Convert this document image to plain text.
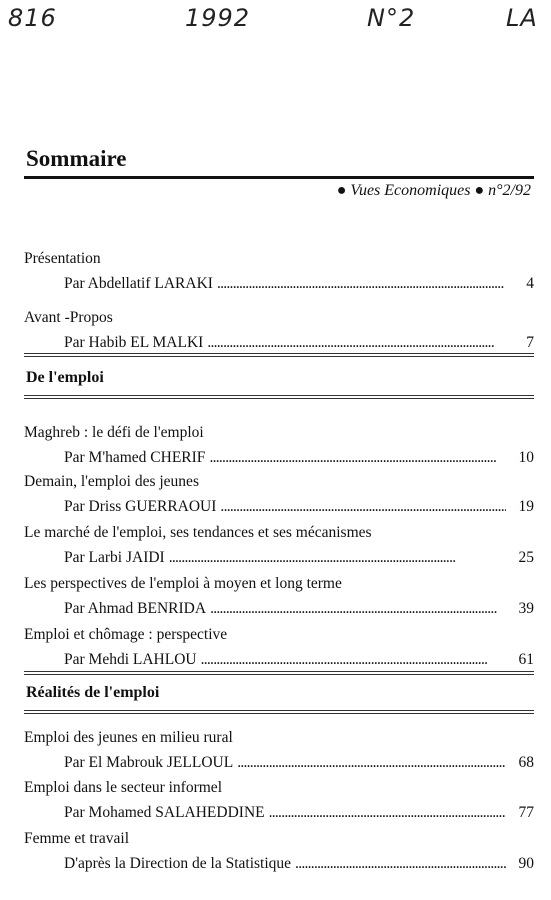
816	1992	N°2	LA
Sommaire
● Vues Economiques ● n°2/92
Présentation
Par Abdellatif LARAKI . . .	4
Avant -Propos
Par Habib EL MALKI . . .	7
De l'emploi
Maghreb : le défi de l'emploi
Par M'hamed CHERIF . . .	10
Demain, l'emploi des jeunes
Par Driss GUERRAOUI . . .	19
Le marché de l'emploi, ses tendances et ses mécanismes
Par Larbi JAIDI . . .	25
Les perspectives de l'emploi à moyen et long terme
Par Ahmad BENRIDA . . .	39
Emploi et chômage : perspective
Par Mehdi LAHLOU . . .	61
Réalités de l'emploi
Emploi des jeunes en milieu rural
Par El Mabrouk JELLOUL . . .	68
Emploi dans le secteur informel
Par Mohamed SALAHEDDINE . . .	77
Femme et travail
D'après la Direction de la Statistique . . .	90
